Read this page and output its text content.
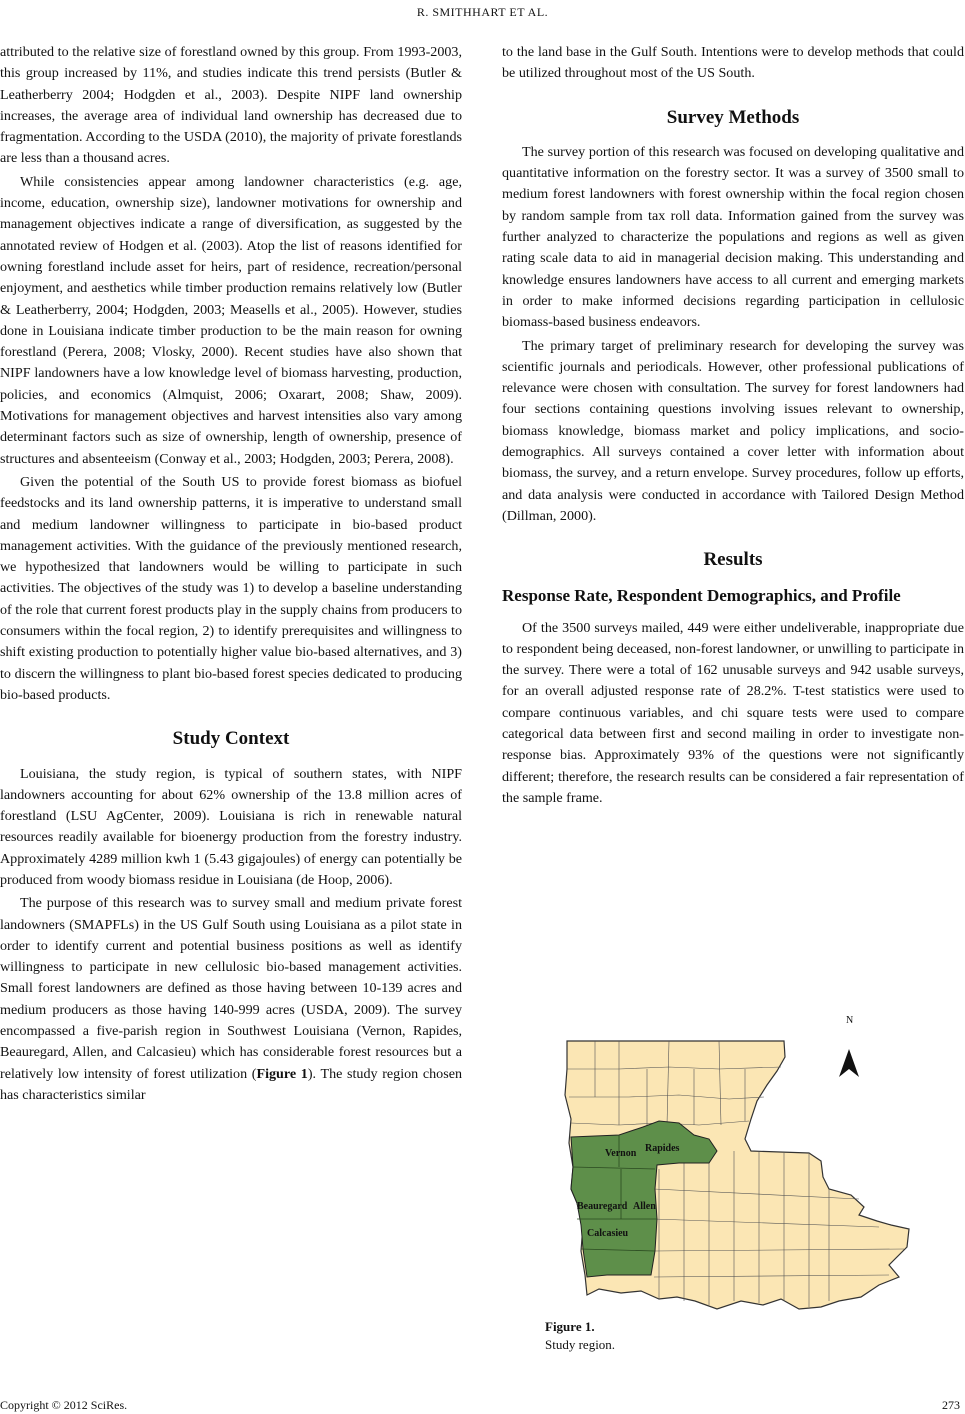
R. SMITHHART ET AL.

attributed to the relative size of forestland owned by this group. From 1993-2003, this group increased by 11%, and studies indicate this trend persists (Butler & Leatherberry 2004; Hodgden et al., 2003). Despite NIPF land ownership increases, the average area of individual land ownership has decreased due to fragmentation. According to the USDA (2010), the majority of private forestlands are less than a thousand acres.

While consistencies appear among landowner characteristics (e.g. age, income, education, ownership size), landowner motivations for ownership and management objectives indicate a range of diversification, as suggested by the annotated review of Hodgen et al. (2003). Atop the list of reasons identified for owning forestland include asset for heirs, part of residence, recreation/personal enjoyment, and aesthetics while timber production remains relatively low (Butler & Leatherberry, 2004; Hodgden, 2003; Measells et al., 2005). However, studies done in Louisiana indicate timber production to be the main reason for owning forestland (Perera, 2008; Vlosky, 2000). Recent studies have also shown that NIPF landowners have a low knowledge level of biomass harvesting, production, policies, and economics (Almquist, 2006; Oxarart, 2008; Shaw, 2009). Motivations for management objectives and harvest intensities also vary among determinant factors such as size of ownership, length of ownership, presence of structures and absenteeism (Conway et al., 2003; Hodgden, 2003; Perera, 2008).

Given the potential of the South US to provide forest biomass as biofuel feedstocks and its land ownership patterns, it is imperative to understand small and medium landowner willingness to participate in bio-based product management activities. With the guidance of the previously mentioned research, we hypothesized that landowners would be willing to participate in such activities. The objectives of the study was 1) to develop a baseline understanding of the role that current forest products play in the supply chains from producers to consumers within the focal region, 2) to identify prerequisites and willingness to shift existing production to potentially higher value bio-based alternatives, and 3) to discern the willingness to plant bio-based forest species dedicated to producing bio-based products.

Study Context

Louisiana, the study region, is typical of southern states, with NIPF landowners accounting for about 62% ownership of the 13.8 million acres of forestland (LSU AgCenter, 2009). Louisiana is rich in renewable natural resources readily available for bioenergy production from the forestry industry. Approximately 4289 million kwh 1 (5.43 gigajoules) of energy can potentially be produced from woody biomass residue in Louisiana (de Hoop, 2006).

The purpose of this research was to survey small and medium private forest landowners (SMAPFLs) in the US Gulf South using Louisiana as a pilot state in order to identify current and potential business positions as well as identify willingness to participate in new cellulosic bio-based management activities. Small forest landowners are defined as those having between 10-139 acres and medium producers as those having 140-999 acres (USDA, 2009). The survey encompassed a five-parish region in Southwest Louisiana (Vernon, Rapides, Beauregard, Allen, and Calcasieu) which has considerable forest resources but a relatively low intensity of forest utilization (Figure 1). The study region chosen has characteristics similar

to the land base in the Gulf South. Intentions were to develop methods that could be utilized throughout most of the US South.

Survey Methods

The survey portion of this research was focused on developing qualitative and quantitative information on the forestry sector. It was a survey of 3500 small to medium forest landowners with forest ownership within the focal region chosen by random sample from tax roll data. Information gained from the survey was further analyzed to characterize the populations and regions as well as given rating scale data to aid in managerial decision making. This understanding and knowledge ensures landowners have access to all current and emerging markets in order to make informed decisions regarding participation in cellulosic biomass-based business endeavors.

The primary target of preliminary research for developing the survey was scientific journals and periodicals. However, other professional publications of relevance were chosen with consultation. The survey for forest landowners had four sections containing questions involving issues relevant to ownership, biomass knowledge, biomass market and policy implications, and socio-demographics. All surveys contained a cover letter with information about biomass, the survey, and a return envelope. Survey procedures, follow up efforts, and data analysis were conducted in accordance with Tailored Design Method (Dillman, 2000).

Results
Response Rate, Respondent Demographics, and Profile

Of the 3500 surveys mailed, 449 were either undeliverable, inappropriate due to respondent being deceased, non-forest landowner, or unwilling to participate in the survey. There were a total of 162 unusable surveys and 942 usable surveys, for an overall adjusted response rate of 28.2%. T-test statistics were used to compare continuous variables, and chi square tests were used to compare categorical data between first and second mailing in order to investigate non-response bias. Approximately 93% of the questions were not significantly different; therefore, the research results can be considered a fair representation of the sample frame.

Vernon Rapides
Beauregard Allen
Calcasieu
N
Figure 1.
Study region.
Copyright © 2012 SciRes.	273
